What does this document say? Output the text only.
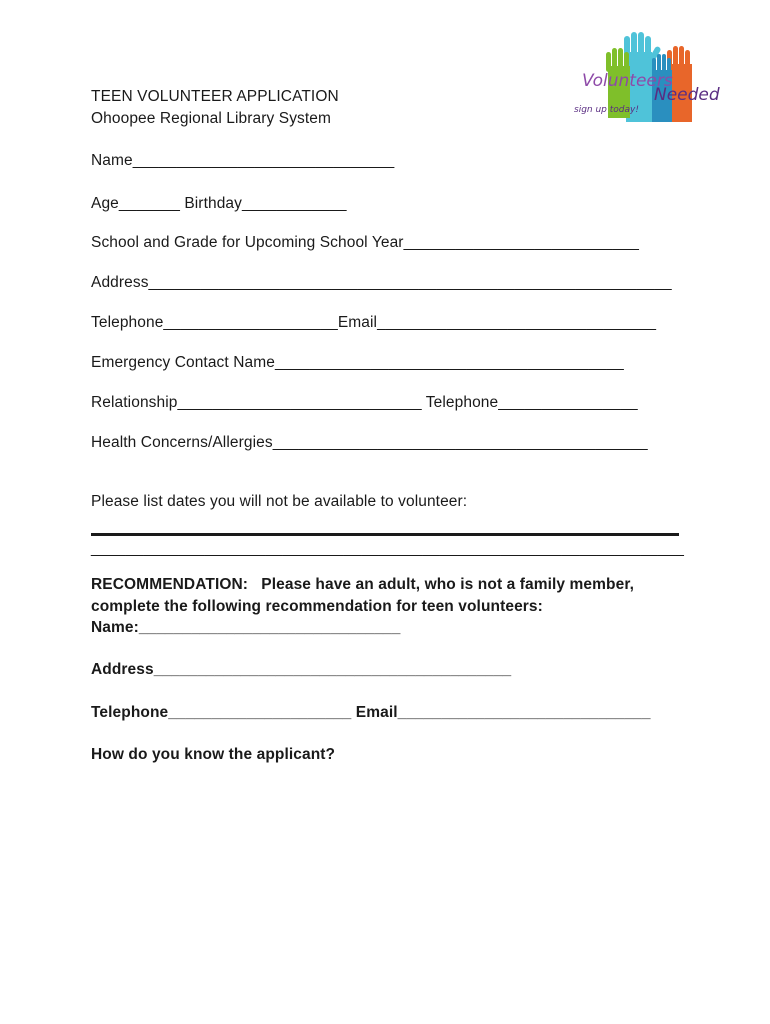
Volunteers
Needed
sign up today!
TEEN VOLUNTEER APPLICATION
Ohoopee Regional Library System
Name______________________________
Age_______ Birthday____________
School and Grade for Upcoming School Year___________________________
Address____________________________________________________________
Telephone____________________Email________________________________
Emergency Contact Name________________________________________
Relationship____________________________ Telephone________________
Health Concerns/Allergies___________________________________________
Please list dates you will not be available to volunteer:
____________________________________________________________________
RECOMMENDATION:   Please have an adult, who is not a family member,
complete the following recommendation for teen volunteers:
Name:______________________________
Address_________________________________________
Telephone_____________________ Email_____________________________
How do you know the applicant?
